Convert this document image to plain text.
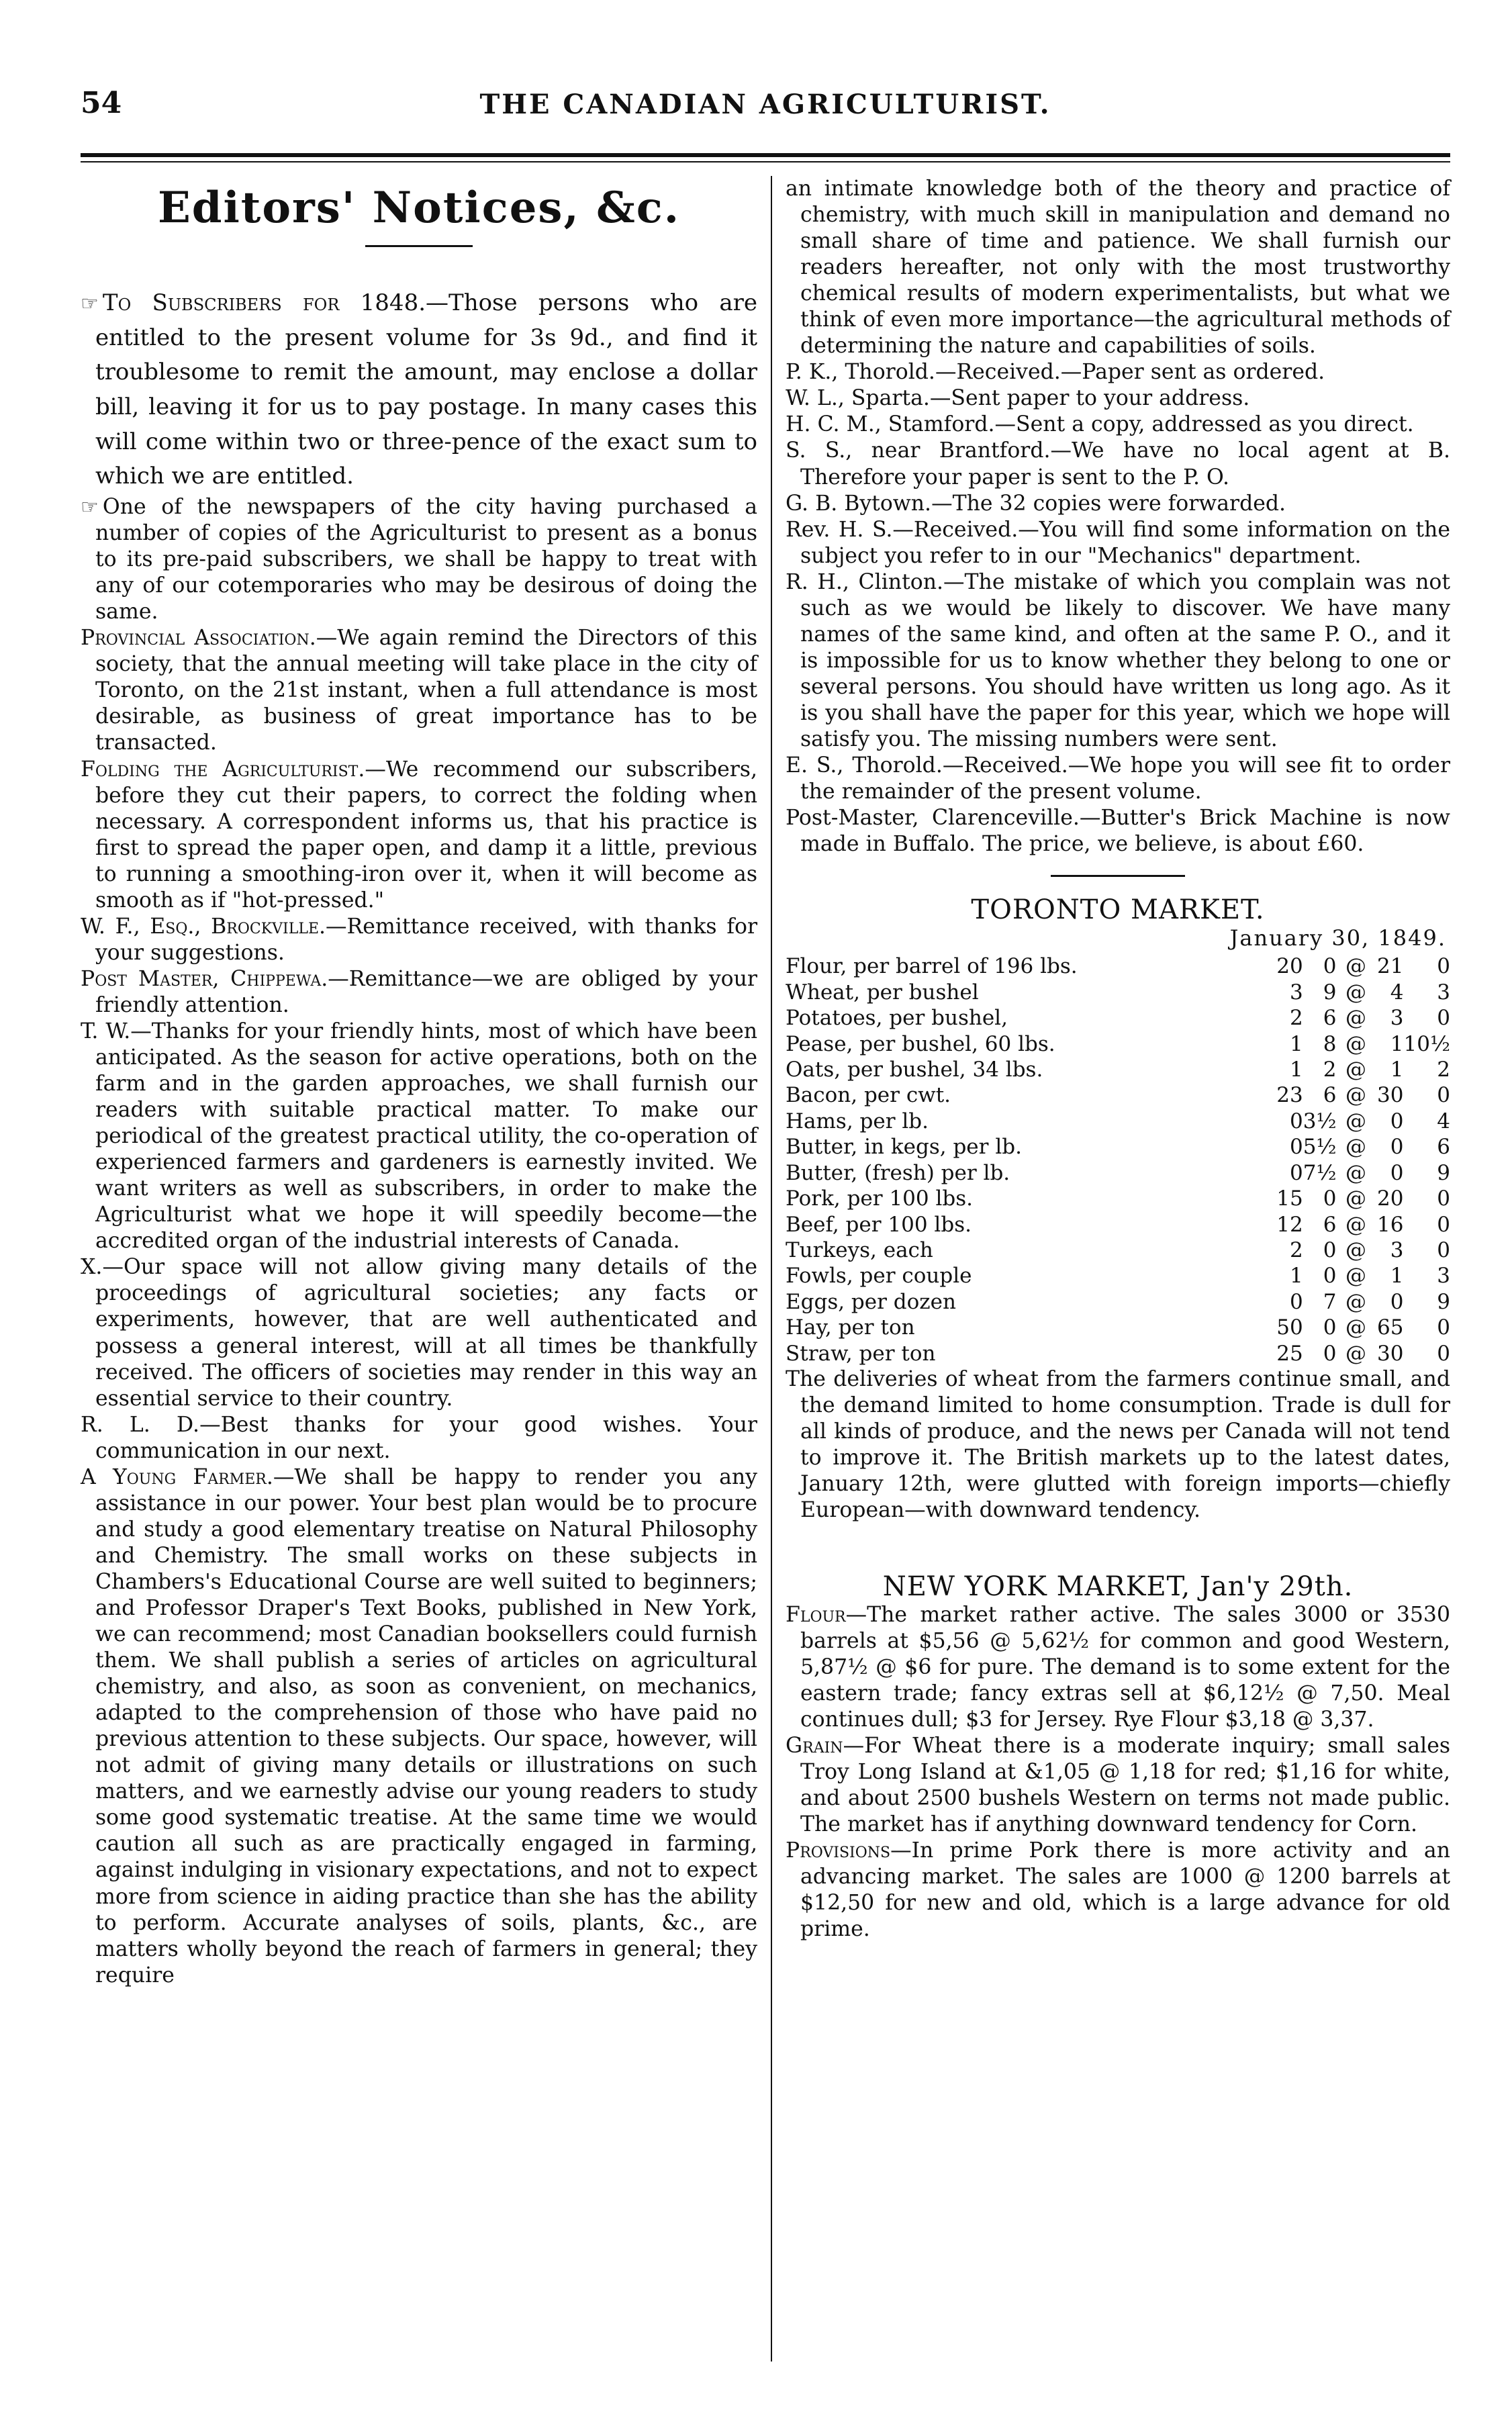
54	THE CANADIAN AGRICULTURIST.
Editors' Notices, &c.

☞ To Subscribers for 1848.—Those persons who are entitled to the present volume for 3s 9d., and find it troublesome to remit the amount, may enclose a dollar bill, leaving it for us to pay postage. In many cases this will come within two or three-pence of the exact sum to which we are entitled.

☞ One of the newspapers of the city having purchased a number of copies of the Agriculturist to present as a bonus to its pre-paid subscribers, we shall be happy to treat with any of our cotemporaries who may be desirous of doing the same.

Provincial Association.—We again remind the Directors of this society, that the annual meeting will take place in the city of Toronto, on the 21st instant, when a full attendance is most desirable, as business of great importance has to be transacted.

Folding the Agriculturist.—We recommend our subscribers, before they cut their papers, to correct the folding when necessary. A correspondent informs us, that his practice is first to spread the paper open, and damp it a little, previous to running a smoothing-iron over it, when it will become as smooth as if "hot-pressed."

W. F., Esq., Brockville.—Remittance received, with thanks for your suggestions.

Post Master, Chippewa.—Remittance—we are obliged by your friendly attention.

T. W.—Thanks for your friendly hints, most of which have been anticipated. As the season for active operations, both on the farm and in the garden approaches, we shall furnish our readers with suitable practical matter. To make our periodical of the greatest practical utility, the co-operation of experienced farmers and gardeners is earnestly invited. We want writers as well as subscribers, in order to make the Agriculturist what we hope it will speedily become—the accredited organ of the industrial interests of Canada.

X.—Our space will not allow giving many details of the proceedings of agricultural societies; any facts or experiments, however, that are well authenticated and possess a general interest, will at all times be thankfully received. The officers of societies may render in this way an essential service to their country.

R. L. D.—Best thanks for your good wishes. Your communication in our next.

A Young Farmer.—We shall be happy to render you any assistance in our power. Your best plan would be to procure and study a good elementary treatise on Natural Philosophy and Chemistry. The small works on these subjects in Chambers's Educational Course are well suited to beginners; and Professor Draper's Text Books, published in New York, we can recommend; most Canadian booksellers could furnish them. We shall publish a series of articles on agricultural chemistry, and also, as soon as convenient, on mechanics, adapted to the comprehension of those who have paid no previous attention to these subjects. Our space, however, will not admit of giving many details or illustrations on such matters, and we earnestly advise our young readers to study some good systematic treatise. At the same time we would caution all such as are practically engaged in farming, against indulging in visionary expectations, and not to expect more from science in aiding practice than she has the ability to perform. Accurate analyses of soils, plants, &c., are matters wholly beyond the reach of farmers in general; they require

an intimate knowledge both of the theory and practice of chemistry, with much skill in manipulation and demand no small share of time and patience. We shall furnish our readers hereafter, not only with the most trustworthy chemical results of modern experimentalists, but what we think of even more importance—the agricultural methods of determining the nature and capabilities of soils.

P. K., Thorold.—Received.—Paper sent as ordered.

W. L., Sparta.—Sent paper to your address.

H. C. M., Stamford.—Sent a copy, addressed as you direct.

S. S., near Brantford.—We have no local agent at B. Therefore your paper is sent to the P. O.

G. B. Bytown.—The 32 copies were forwarded.

Rev. H. S.—Received.—You will find some information on the subject you refer to in our "Mechanics" department.

R. H., Clinton.—The mistake of which you complain was not such as we would be likely to discover. We have many names of the same kind, and often at the same P. O., and it is impossible for us to know whether they belong to one or several persons. You should have written us long ago. As it is you shall have the paper for this year, which we hope will satisfy you. The missing numbers were sent.

E. S., Thorold.—Received.—We hope you will see fit to order the remainder of the present volume.

Post-Master, Clarenceville.—Butter's Brick Machine is now made in Buffalo. The price, we believe, is about £60.

TORONTO MARKET.
January 30, 1849.
Flour, per barrel of 196 lbs.	20	0	@	21	0
Wheat, per bushel	3	9	@	4	3
Potatoes, per bushel,	2	6	@	3	0
Pease, per bushel, 60 lbs.	1	8	@	1	10½
Oats, per bushel, 34 lbs.	1	2	@	1	2
Bacon, per cwt.	23	6	@	30	0
Hams, per lb.	0	3½	@	0	4
Butter, in kegs, per lb.	0	5½	@	0	6
Butter, (fresh) per lb.	0	7½	@	0	9
Pork, per 100 lbs.	15	0	@	20	0
Beef, per 100 lbs.	12	6	@	16	0
Turkeys, each	2	0	@	3	0
Fowls, per couple	1	0	@	1	3
Eggs, per dozen	0	7	@	0	9
Hay, per ton	50	0	@	65	0
Straw, per ton	25	0	@	30	0

The deliveries of wheat from the farmers continue small, and the demand limited to home consumption. Trade is dull for all kinds of produce, and the news per Canada will not tend to improve it. The British markets up to the latest dates, January 12th, were glutted with foreign imports—chiefly European—with downward tendency.

NEW YORK MARKET, Jan'y 29th.

Flour—The market rather active. The sales 3000 or 3530 barrels at $5,56 @ 5,62½ for common and good Western, 5,87½ @ $6 for pure. The demand is to some extent for the eastern trade; fancy extras sell at $6,12½ @ 7,50. Meal continues dull; $3 for Jersey. Rye Flour $3,18 @ 3,37.

Grain—For Wheat there is a moderate inquiry; small sales Troy Long Island at &1,05 @ 1,18 for red; $1,16 for white, and about 2500 bushels Western on terms not made public. The market has if anything downward tendency for Corn.

Provisions—In prime Pork there is more activity and an advancing market. The sales are 1000 @ 1200 barrels at $12,50 for new and old, which is a large advance for old prime.
